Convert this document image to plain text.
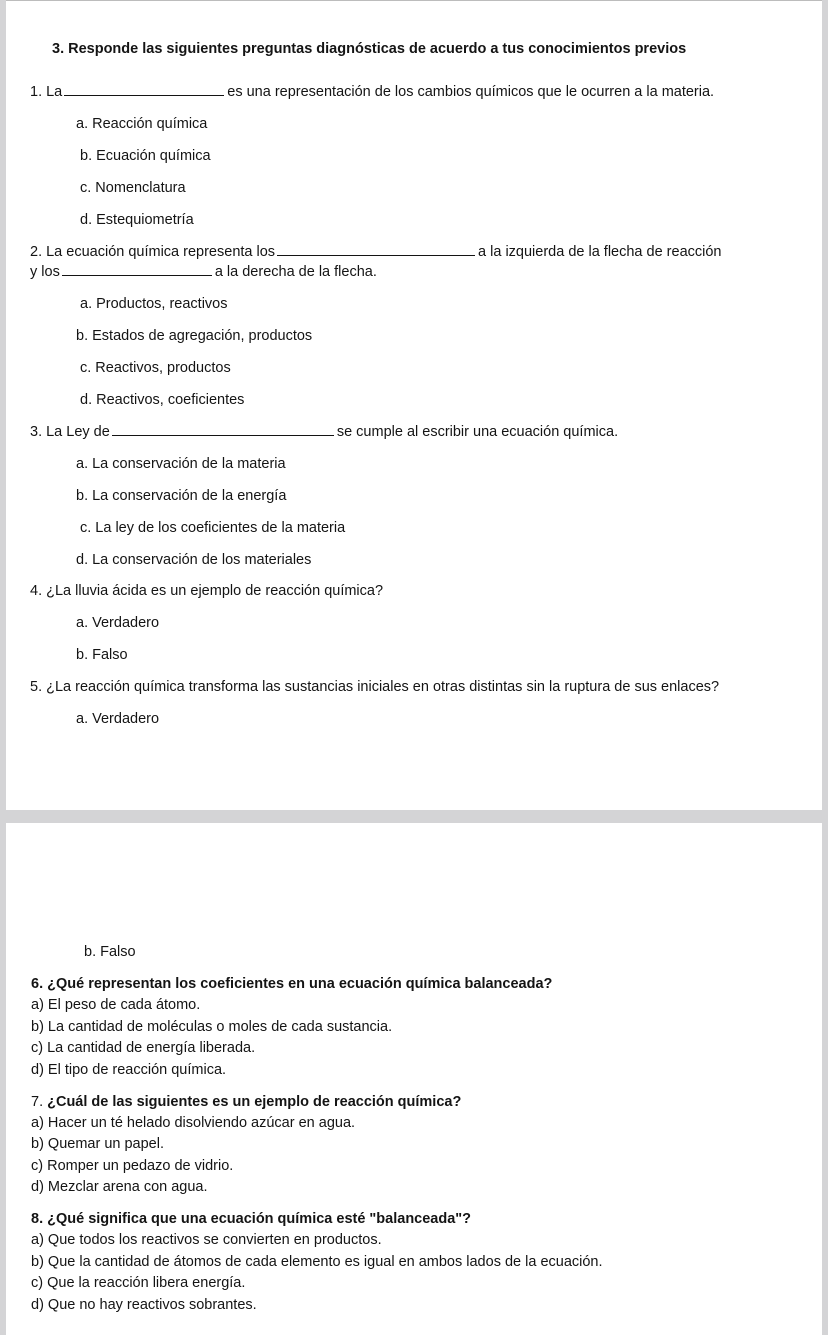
3. Responde las siguientes preguntas diagnósticas de acuerdo a tus conocimientos previos
1. La	es una representación de los cambios químicos que le ocurren a la materia.
a. Reacción química
b. Ecuación química
c. Nomenclatura
d. Estequiometría
2. La ecuación química representa los	a la izquierda de la flecha de reacción
y los	a la derecha de la flecha.
a. Productos, reactivos
b. Estados de agregación, productos
c. Reactivos, productos
d. Reactivos, coeficientes
3. La Ley de	se cumple al escribir una ecuación química.
a. La conservación de la materia
b. La conservación de la energía
c. La ley de los coeficientes de la materia
d. La conservación de los materiales
4. ¿La lluvia ácida es un ejemplo de reacción química?
a. Verdadero
b. Falso
5. ¿La reacción química transforma las sustancias iniciales en otras distintas sin la ruptura de sus enlaces?
a. Verdadero
b. Falso
6. ¿Qué representan los coeficientes en una ecuación química balanceada?
a) El peso de cada átomo.
b) La cantidad de moléculas o moles de cada sustancia.
c) La cantidad de energía liberada.
d) El tipo de reacción química.
7. ¿Cuál de las siguientes es un ejemplo de reacción química?
a) Hacer un té helado disolviendo azúcar en agua.
b) Quemar un papel.
c) Romper un pedazo de vidrio.
d) Mezclar arena con agua.
8. ¿Qué significa que una ecuación química esté "balanceada"?
a) Que todos los reactivos se convierten en productos.
b) Que la cantidad de átomos de cada elemento es igual en ambos lados de la ecuación.
c) Que la reacción libera energía.
d) Que no hay reactivos sobrantes.
